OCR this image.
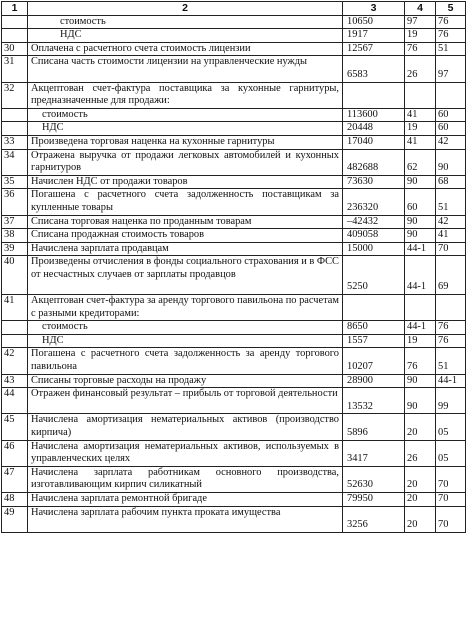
1	2	3	4	5
	стоимость	10650	97	76
	НДС	1917	19	76
30	Оплачена с расчетного счета стоимость лицензии	12567	76	51
31	Списана часть стоимости лицензии на управленческие нужды	6583	26	97
32	Акцептован счет-фактура поставщика за кухонные гарнитуры, предназначенные для продажи:			
	стоимость	113600	41	60
	НДС	20448	19	60
33	Произведена торговая наценка на кухонные гарнитуры	17040	41	42
34	Отражена выручка от продажи легковых автомобилей и кухонных гарнитуров	482688	62	90
35	Начислен НДС от продажи товаров	73630	90	68
36	Погашена с расчетного счета задолженность поставщикам за купленные товары	236320	60	51
37	Списана торговая наценка по проданным товарам	–42432	90	42
38	Списана продажная стоимость товаров	409058	90	41
39	Начислена зарплата продавцам	15000	44-1	70
40	Произведены отчисления в фонды социального страхования и в ФСС от несчастных случаев от зарплаты продавцов	5250	44-1	69
41	Акцептован счет-фактура за аренду торгового павильона по расчетам с разными кредиторами:			
	стоимость	8650	44-1	76
	НДС	1557	19	76
42	Погашена с расчетного счета задолженность за аренду торгового павильона	10207	76	51
43	Списаны торговые расходы на продажу	28900	90	44-1
44	Отражен финансовый результат – прибыль от торговой деятельности	13532	90	99
45	Начислена амортизация нематериальных активов (производство кирпича)	5896	20	05
46	Начислена амортизация нематериальных активов, используемых в управленческих целях	3417	26	05
47	Начислена зарплата работникам основного производства, изготавливающим кирпич силикатный	52630	20	70
48	Начислена зарплата ремонтной бригаде	79950	20	70
49	Начислена зарплата рабочим пункта проката имущества	3256	20	70
